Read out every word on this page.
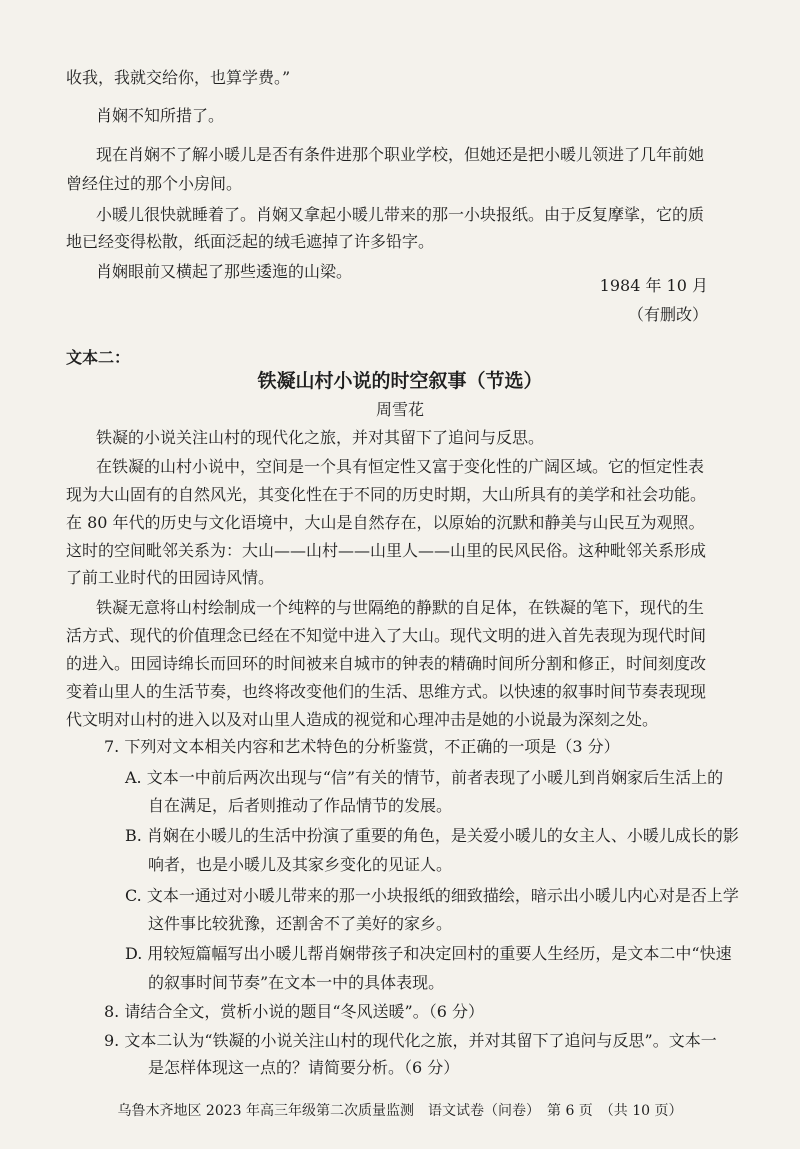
收我，我就交给你，也算学费。”
肖娴不知所措了。
现在肖娴不了解小暖儿是否有条件进那个职业学校，但她还是把小暖儿领进了几年前她
曾经住过的那个小房间。
小暖儿很快就睡着了。肖娴又拿起小暖儿带来的那一小块报纸。由于反复摩挲，它的质
地已经变得松散，纸面泛起的绒毛遮掉了许多铅字。
肖娴眼前又横起了那些逶迤的山梁。
1984 年 10 月
（有删改）
文本二：
铁凝山村小说的时空叙事（节选）
周雪花
铁凝的小说关注山村的现代化之旅，并对其留下了追问与反思。
在铁凝的山村小说中，空间是一个具有恒定性又富于变化性的广阔区域。它的恒定性表
现为大山固有的自然风光，其变化性在于不同的历史时期，大山所具有的美学和社会功能。
在 80 年代的历史与文化语境中，大山是自然存在，以原始的沉默和静美与山民互为观照。
这时的空间毗邻关系为：大山——山村——山里人——山里的民风民俗。这种毗邻关系形成
了前工业时代的田园诗风情。
铁凝无意将山村绘制成一个纯粹的与世隔绝的静默的自足体，在铁凝的笔下，现代的生
活方式、现代的价值理念已经在不知觉中进入了大山。现代文明的进入首先表现为现代时间
的进入。田园诗绵长而回环的时间被来自城市的钟表的精确时间所分割和修正，时间刻度改
变着山里人的生活节奏，也终将改变他们的生活、思维方式。以快速的叙事时间节奏表现现
代文明对山村的进入以及对山里人造成的视觉和心理冲击是她的小说最为深刻之处。
7. 下列对文本相关内容和艺术特色的分析鉴赏，不正确的一项是（3 分）
A. 文本一中前后两次出现与“信”有关的情节，前者表现了小暖儿到肖娴家后生活上的
自在满足，后者则推动了作品情节的发展。
B. 肖娴在小暖儿的生活中扮演了重要的角色，是关爱小暖儿的女主人、小暖儿成长的影
响者，也是小暖儿及其家乡变化的见证人。
C. 文本一通过对小暖儿带来的那一小块报纸的细致描绘，暗示出小暖儿内心对是否上学
这件事比较犹豫，还割舍不了美好的家乡。
D. 用较短篇幅写出小暖儿帮肖娴带孩子和决定回村的重要人生经历，是文本二中“快速
的叙事时间节奏”在文本一中的具体表现。
8. 请结合全文，赏析小说的题目“冬风送暖”。（6 分）
9. 文本二认为“铁凝的小说关注山村的现代化之旅，并对其留下了追问与反思”。文本一
是怎样体现这一点的？请简要分析。（6 分）
乌鲁木齐地区 2023 年高三年级第二次质量监测　语文试卷（问卷）　第 6 页　（共 10 页）
